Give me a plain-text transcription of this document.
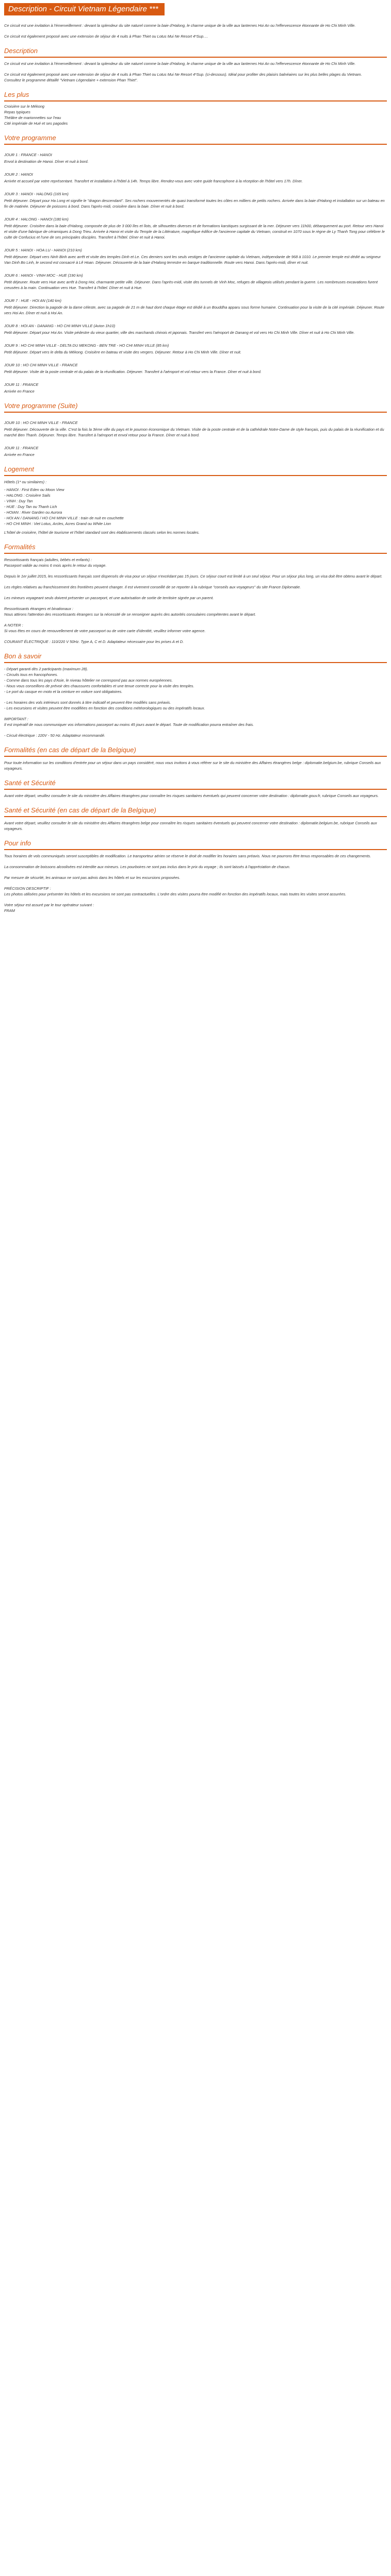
Description - Circuit Vietnam Légendaire ***
Ce circuit est une invitation à l'émerveillement : devant la splendeur du site naturel comme la baie d'Halong, le charme unique de la ville aux lanternes Hoi An ou l'effervescence étonnante de Ho Chi Minh Ville.
Ce circuit est également proposé avec une extension de séjour de 4 nuits à Phan Thiet ou Lotus Mui Ne Resort 4*Sup.…
Description
Ce circuit est une invitation à l'émerveillement : devant la splendeur du site naturel comme la baie d'Halong, le charme unique de la ville aux lanternes Hoi An ou l'effervescence étonnante de Ho Chi Minh Ville.
Ce circuit est également proposé avec une extension de séjour de 4 nuits à Phan Thiet ou Lotus Mui Ne Resort 4*Sup. (ci-dessous). Idéal pour profiter des plaisirs balnéaires sur les plus belles plages du Vietnam.
Consultez le programme détaillé "Vietnam Légendaire + extension Phan Thiet".
Les plus
Croisière sur le Mékong
Repas typiques
Théâtre de marionnettes sur l'eau
Cité impériale de Hué et ses pagodes
Votre programme
JOUR 1 : FRANCE - HANOI
Envol à destination de Hanoi. Dîner et nuit à bord.
JOUR 2 : HANOI
Arrivée et accueil par votre représentant. Transfert et installation à l'hôtel à 14h. Temps libre. Rendez-vous avec votre guide francophone à la réception de l'hôtel vers 17h. Dîner.
JOUR 3 : HANOI - HALONG (165 km)
Petit déjeuner. Départ pour Ha Long et signifie le "dragon descendant". Ses rochers mouvementés de quasi transformé toutes les côtes en milliers de petits rochers. Arrivée dans la baie d'Halong et installation sur un bateau en fin de matinée. Déjeuner de poissons à bord. Dans l'après-midi, croisière dans la baie. Dîner et nuit à bord.
JOUR 4 : HALONG - HANOI (180 km)
Petit déjeuner. Croisière dans la baie d'Halong, composée de plus de 3 000 îles et îlots, de silhouettes diverses et de formations karstiques surgissant de la mer. Déjeuner vers 11h00, débarquement au port. Retour vers Hanoi et visite d'une fabrique de céramiques à Dong Trieu. Arrivée à Hanoi et visite du Temple de la Littérature, magnifique édifice de l'ancienne capitale du Vietnam, construit en 1070 sous le règne de Ly Thanh Tong pour célébrer le culte de Confucius et l'une de ses principales disciples. Transfert à l'hôtel. Dîner et nuit à Hanoi.
JOUR 5 : HANOI - HOA LU - HANOI (210 km)
Petit déjeuner. Départ vers Ninh Binh avec arrêt et visite des temples Dinh et Le. Ces derniers sont les seuls vestiges de l'ancienne capitale du Vietnam, indépendante de 968 à 1010. Le premier temple est dédié au seigneur Van Dinh Bo Linh, le second est consacré à Lê Hoan. Déjeuner. Découverte de la baie d'Halong terrestre en barque traditionnelle. Route vers Hanoi. Dans l'après-midi, dîner et nuit.
JOUR 6 : HANOI - VINH MOC - HUE (190 km)
Petit déjeuner. Route vers Hue avec arrêt à Dong Hoi, charmante petite ville. Déjeuner. Dans l'après-midi, visite des tunnels de Vinh Moc, refuges de villageois utilisés pendant la guerre. Les nombreuses excavations furent creusées à la main. Continuation vers Hue. Transfert à l'hôtel. Dîner et nuit à Hue.
JOUR 7 : HUE - HOI AN (140 km)
Petit déjeuner. Direction la pagode de la dame céleste, avec sa pagode de 21 m de haut dont chaque étage est dédié à un Bouddha apparu sous forme humaine. Continuation pour la visite de la cité impériale. Déjeuner. Route vers Hoi An. Dîner et nuit à Hoi An.
JOUR 8 : HOI AN - DANANG - HO CHI MINH VILLE (Avion 1h10)
Petit déjeuner. Départ pour Hoi An. Visite pédestre du vieux quartier, ville des marchands chinois et japonais. Transfert vers l'aéroport de Danang et vol vers Ho Chi Minh Ville. Dîner et nuit à Ho Chi Minh Ville.
JOUR 9 : HO CHI MINH VILLE - DELTA DU MEKONG - BEN TRE - HO CHI MINH VILLE (85 km)
Petit déjeuner. Départ vers le delta du Mékong. Croisière en bateau et visite des vergers. Déjeuner. Retour à Ho Chi Minh Ville. Dîner et nuit.
JOUR 10 : HO CHI MINH VILLE - FRANCE
Petit déjeuner. Visite de la poste centrale et du palais de la réunification. Déjeuner. Transfert à l'aéroport et vol retour vers la France. Dîner et nuit à bord.
JOUR 11 : FRANCE
Arrivée en France
Votre programme (Suite)
JOUR 10 : HO CHI MINH VILLE - FRANCE
Petit déjeuner. Découverte de la ville. C'est la fois la 3ème ville du pays et le poumon économique du Vietnam. Visite de la poste centrale et de la cathédrale Notre-Dame de style français, puis du palais de la réunification et du marché Ben Thanh. Déjeuner. Temps libre. Transfert à l'aéroport et envol retour pour la France. Dîner et nuit à bord.
JOUR 11 : FRANCE
Arrivée en France
Logement
Hôtels (1* ou similaires) :
- HANOI : First Eden ou Moon View
- HALONG : Croisière Sails
- VINH : Duy Tan
- HUE : Duy Tan ou Thanh Lich
- HOIAN : River Garden ou Aurora
- HOI AN / DANANG / HO CHI MINH VILLE : train de nuit en couchette
- HO CHI MINH : Viet Lotus, Arcles, Acres Grand ou White Lion
L'hôtel de croisière, l'hôtel de tourisme et l'hôtel standard sont des établissements classés selon les normes locales.
Formalités
Ressortissants français (adultes, bébés et enfants) :
Passeport valide au moins 6 mois après le retour du voyage.
Depuis le 1er juillet 2015, les ressortissants français sont dispensés de visa pour un séjour n'excédant pas 15 jours. Ce séjour court est limité à un seul séjour. Pour un séjour plus long, un visa doit être obtenu avant le départ.
Les règles relatives au franchissement des frontières peuvent changer. Il est vivement conseillé de se reporter à la rubrique "conseils aux voyageurs" du site France Diplomatie.
Les mineurs voyageant seuls doivent présenter un passeport, et une autorisation de sortie de territoire signée par un parent.
Ressortissants étrangers et binationaux :
Nous attirons l'attention des ressortissants étrangers sur la nécessité de se renseigner auprès des autorités consulaires compétentes avant le départ.
A NOTER :
Si vous êtes en cours de renouvellement de votre passeport ou de votre carte d'identité, veuillez informer votre agence.
COURANT ÉLECTRIQUE : 110/220 V 50Hz. Type A, C et D. Adaptateur nécessaire pour les prises A et D.
Bon à savoir
- Départ garanti dès 2 participants (maximum 28).
- Circuits tous en francophones.
- Comme dans tous les pays d'Asie, le niveau hôtelier ne correspond pas aux normes européennes.
- Nous vous conseillons de prévoir des chaussures confortables et une tenue correcte pour la visite des temples.
- Le port du casque en moto et la ceinture en voiture sont obligatoires.
- Les horaires des vols intérieurs sont donnés à titre indicatif et peuvent être modifiés sans préavis.
- Les excursions et visites peuvent être modifiées en fonction des conditions météorologiques ou des impératifs locaux.
IMPORTANT :
Il est impératif de nous communiquer vos informations passeport au moins 45 jours avant le départ. Toute de modification pourra entraîner des frais.
- Circuit électrique : 220V - 50 Hz. Adaptateur recommandé.
Formalités (en cas de départ de la Belgique)
Pour toute information sur les conditions d'entrée pour un séjour dans un pays considéré, nous vous invitons à vous référer sur le site du ministère des Affaires étrangères belge : diplomatie.belgium.be, rubrique Conseils aux voyageurs.
Santé et Sécurité
Avant votre départ, veuillez consulter le site du ministère des Affaires étrangères pour connaître les risques sanitaires éventuels qui peuvent concerner votre destination : diplomatie.gouv.fr, rubrique Conseils aux voyageurs.
Santé et Sécurité (en cas de départ de la Belgique)
Avant votre départ, veuillez consulter le site du ministère des Affaires étrangères belge pour connaître les risques sanitaires éventuels qui peuvent concerner votre destination : diplomatie.belgium.be, rubrique Conseils aux voyageurs.
Pour info
Tous horaires de vols communiqués seront susceptibles de modification. Le transporteur aérien se réserve le droit de modifier les horaires sans préavis. Nous ne pourrons être tenus responsables de ces changements.
La consommation de boissons alcoolisées est interdite aux mineurs. Les pourboires ne sont pas inclus dans le prix du voyage ; ils sont laissés à l'appréciation de chacun.
Par mesure de sécurité, les animaux ne sont pas admis dans les hôtels et sur les excursions proposées.
PRÉCISION DESCRIPTIF :
Les photos utilisées pour présenter les hôtels et les excursions ne sont pas contractuelles. L'ordre des visites pourra être modifié en fonction des impératifs locaux, mais toutes les visites seront assurées.
Votre séjour est assuré par le tour opérateur suivant :
FRAM
